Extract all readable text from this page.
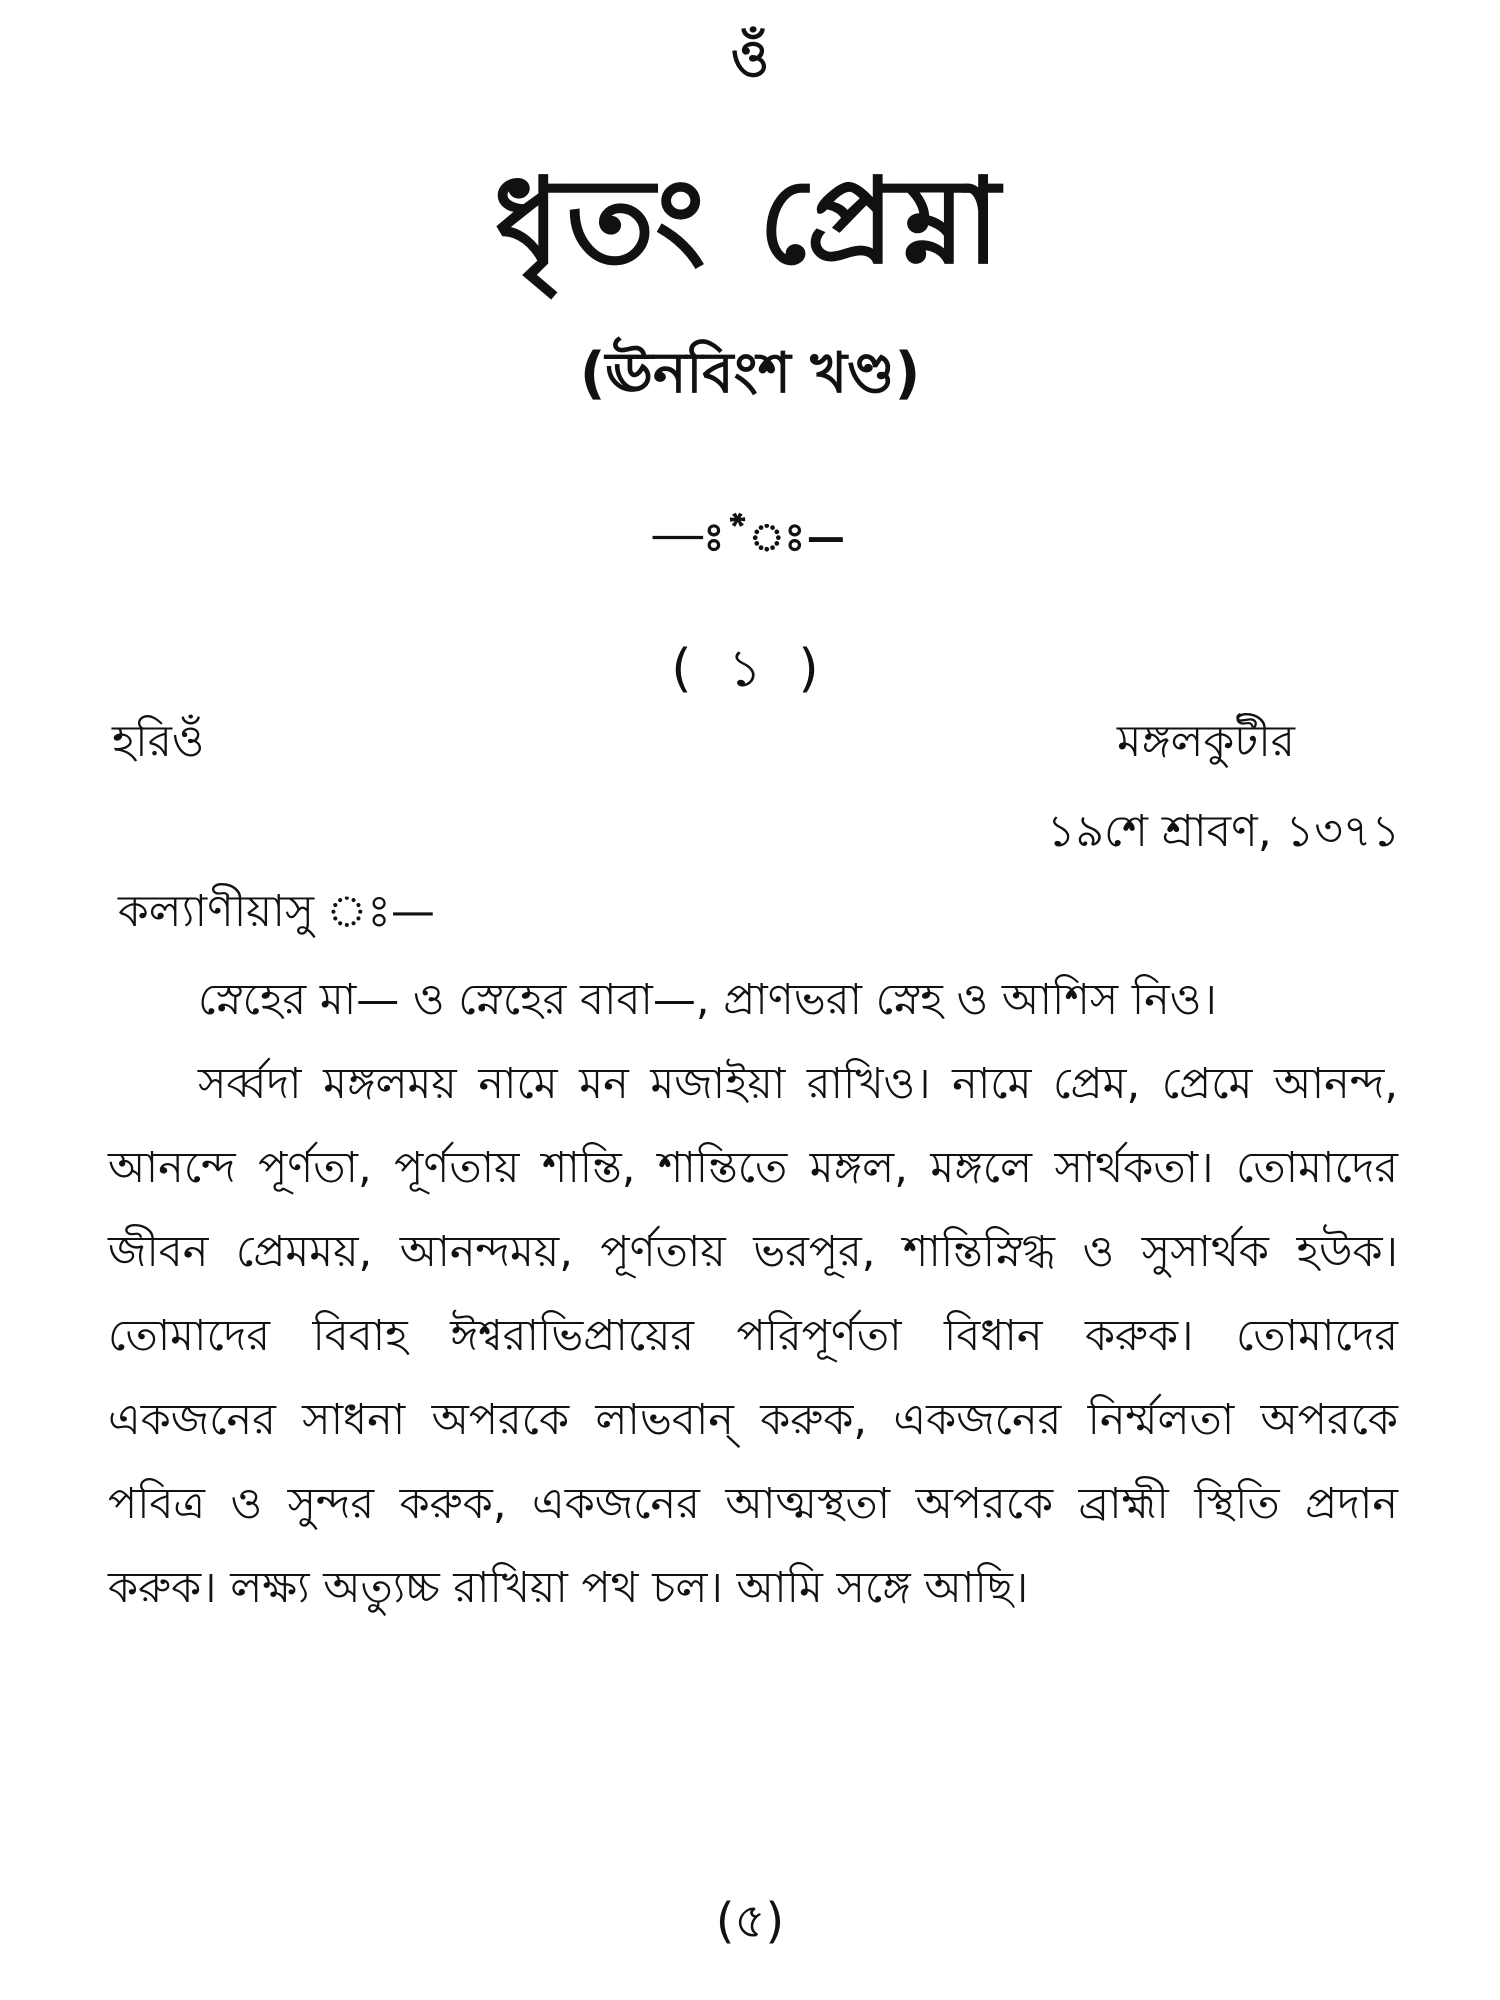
ওঁ
ধৃতং প্রেম্না
(ঊনবিংশ খণ্ড)
—ঃ*ঃ—
( ১ )
হরিওঁ	মঙ্গলকুটীর
১৯শে শ্রাবণ, ১৩৭১
কল্যাণীয়াসু ঃ—

স্নেহের মা— ও স্নেহের বাবা—, প্রাণভরা স্নেহ ও আশিস নিও।

সর্ব্বদা মঙ্গলময় নামে মন মজাইয়া রাখিও। নামে প্রেম, প্রেমে আনন্দ, আনন্দে পূর্ণতা, পূর্ণতায় শান্তি, শান্তিতে মঙ্গল, মঙ্গলে সার্থকতা। তোমাদের জীবন প্রেমময়, আনন্দময়, পূর্ণতায় ভরপূর, শান্তিস্নিগ্ধ ও সুসার্থক হউক। তোমাদের বিবাহ ঈশ্বরাভিপ্রায়ের পরিপূর্ণতা বিধান করুক। তোমাদের একজনের সাধনা অপরকে লাভবান্ করুক, একজনের নির্ম্মলতা অপরকে পবিত্র ও সুন্দর করুক, একজনের আত্মস্থতা অপরকে ব্রাহ্মী স্থিতি প্রদান করুক। লক্ষ্য অত্যুচ্চ রাখিয়া পথ চল। আমি সঙ্গে আছি।

(৫)
